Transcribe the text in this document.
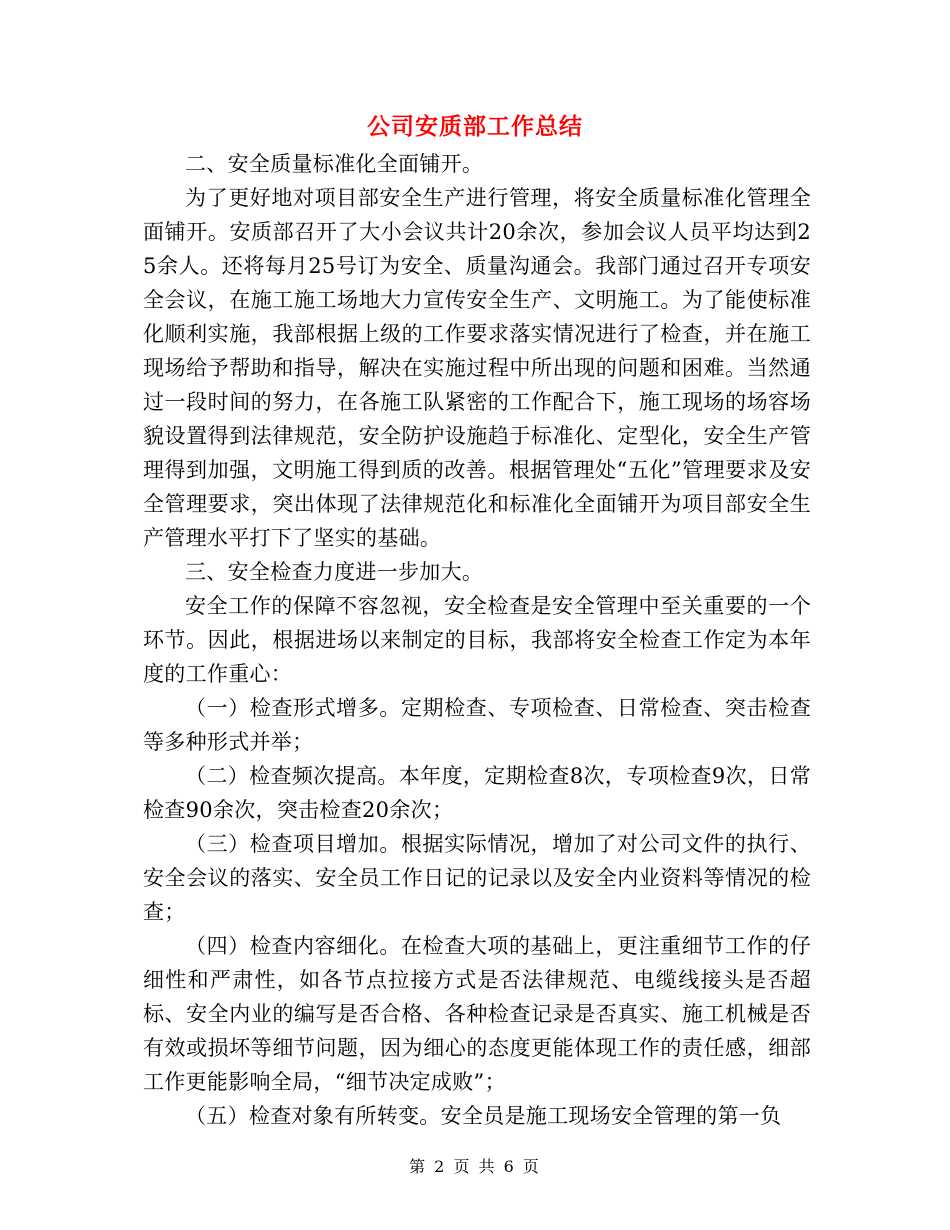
公司安质部工作总结

二、安全质量标准化全面铺开。

为了更好地对项目部安全生产进行管理，将安全质量标准化管理全面铺开。安质部召开了大小会议共计20余次，参加会议人员平均达到25余人。还将每月25号订为安全、质量沟通会。我部门通过召开专项安全会议，在施工施工场地大力宣传安全生产、文明施工。为了能使标准化顺利实施，我部根据上级的工作要求落实情况进行了检查，并在施工现场给予帮助和指导，解决在实施过程中所出现的问题和困难。当然通过一段时间的努力，在各施工队紧密的工作配合下，施工现场的场容场貌设置得到法律规范，安全防护设施趋于标准化、定型化，安全生产管理得到加强，文明施工得到质的改善。根据管理处“五化”管理要求及安全管理要求，突出体现了法律规范化和标准化全面铺开为项目部安全生产管理水平打下了坚实的基础。

三、安全检查力度进一步加大。

安全工作的保障不容忽视，安全检查是安全管理中至关重要的一个环节。因此，根据进场以来制定的目标，我部将安全检查工作定为本年度的工作重心：

（一）检查形式增多。定期检查、专项检查、日常检查、突击检查等多种形式并举；

（二）检查频次提高。本年度，定期检查8次，专项检查9次，日常检查90余次，突击检查20余次；

（三）检查项目增加。根据实际情况，增加了对公司文件的执行、安全会议的落实、安全员工作日记的记录以及安全内业资料等情况的检查；

（四）检查内容细化。在检查大项的基础上，更注重细节工作的仔细性和严肃性，如各节点拉接方式是否法律规范、电缆线接头是否超标、安全内业的编写是否合格、各种检查记录是否真实、施工机械是否有效或损坏等细节问题，因为细心的态度更能体现工作的责任感，细部工作更能影响全局，“细节决定成败”；

（五）检查对象有所转变。安全员是施工现场安全管理的第一负

第 2 页 共 6 页
